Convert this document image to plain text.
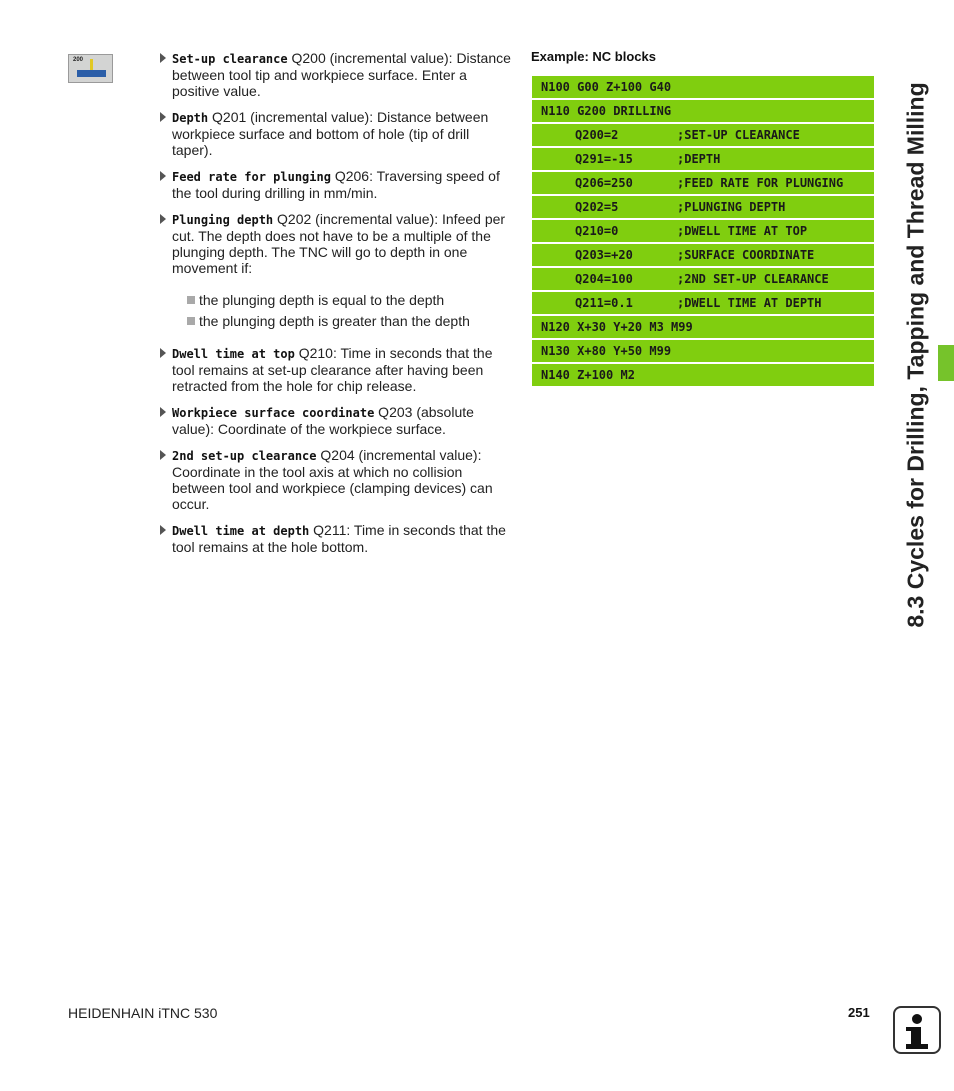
200	Set-up clearance Q200 (incremental value): Distance between tool tip and workpiece surface. Enter a positive value.
Depth Q201 (incremental value): Distance between workpiece surface and bottom of hole (tip of drill taper).
Feed rate for plunging Q206: Traversing speed of the tool during drilling in mm/min.
Plunging depth Q202 (incremental value): Infeed per cut. The depth does not have to be a multiple of the plunging depth. The TNC will go to depth in one movement if:
the plunging depth is equal to the depth
the plunging depth is greater than the depth
Dwell time at top Q210: Time in seconds that the tool remains at set-up clearance after having been retracted from the hole for chip release.
Workpiece surface coordinate Q203 (absolute value): Coordinate of the workpiece surface.
2nd set-up clearance Q204 (incremental value): Coordinate in the tool axis at which no collision between tool and workpiece (clamping devices) can occur.
Dwell time at depth Q211: Time in seconds that the tool remains at the hole bottom.
Example: NC blocks
N100 G00 Z+100 G40
N110 G200 DRILLING
Q200=2	;SET-UP CLEARANCE
Q291=-15	;DEPTH
Q206=250	;FEED RATE FOR PLUNGING
Q202=5	;PLUNGING DEPTH
Q210=0	;DWELL TIME AT TOP
Q203=+20	;SURFACE COORDINATE
Q204=100	;2ND SET-UP CLEARANCE
Q211=0.1	;DWELL TIME AT DEPTH
N120 X+30 Y+20 M3 M99
N130 X+80 Y+50 M99
N140 Z+100 M2	8.3 Cycles for Drilling, Tapping and Thread Milling
HEIDENHAIN iTNC 530	251
